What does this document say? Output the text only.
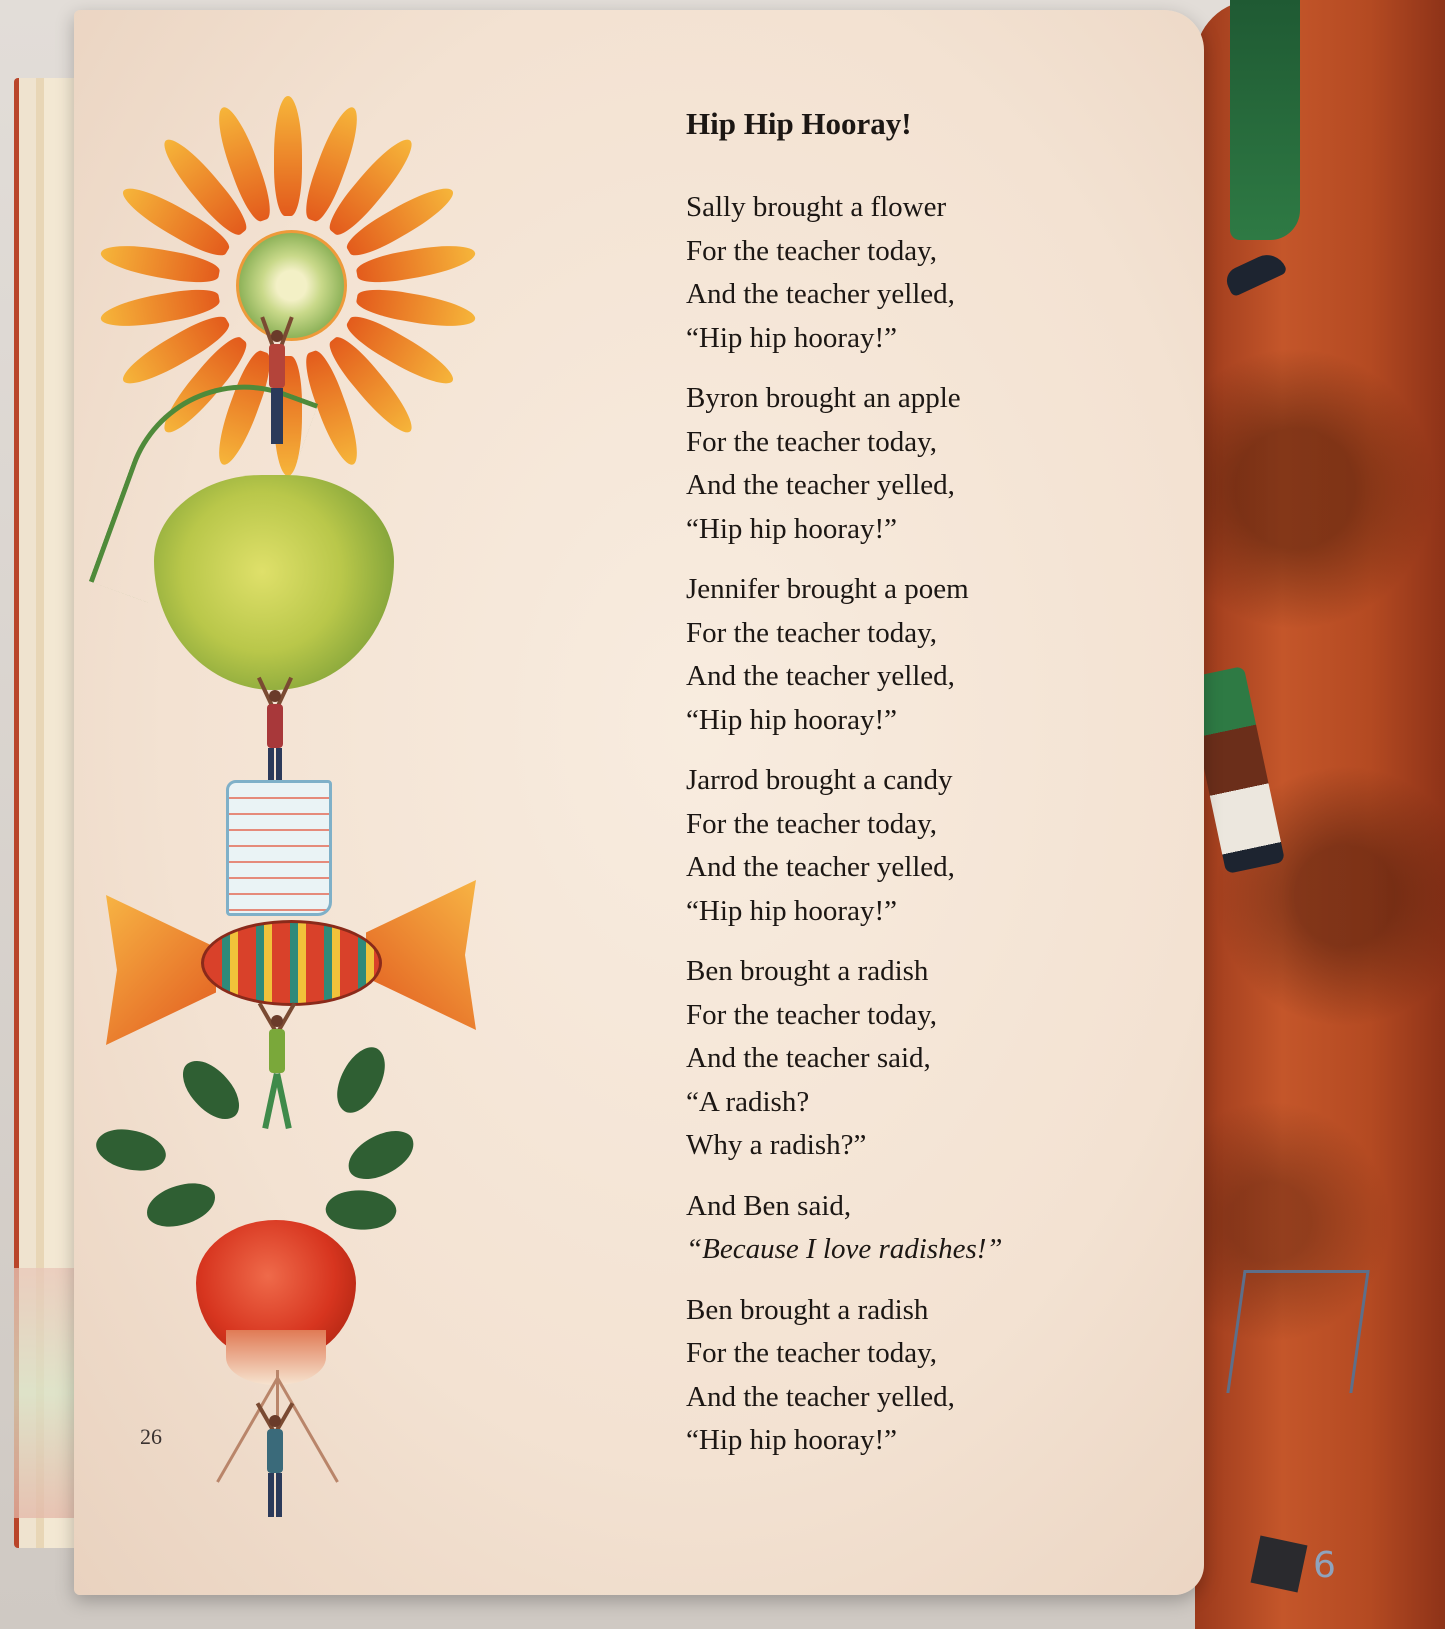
6
26
Hip Hip Hooray!
Sally brought a flower
For the teacher today,
And the teacher yelled,
“Hip hip hooray!”
Byron brought an apple
For the teacher today,
And the teacher yelled,
“Hip hip hooray!”
Jennifer brought a poem
For the teacher today,
And the teacher yelled,
“Hip hip hooray!”
Jarrod brought a candy
For the teacher today,
And the teacher yelled,
“Hip hip hooray!”
Ben brought a radish
For the teacher today,
And the teacher said,
“A radish?
Why a radish?”
And Ben said,
“Because I love radishes!”
Ben brought a radish
For the teacher today,
And the teacher yelled,
“Hip hip hooray!”
